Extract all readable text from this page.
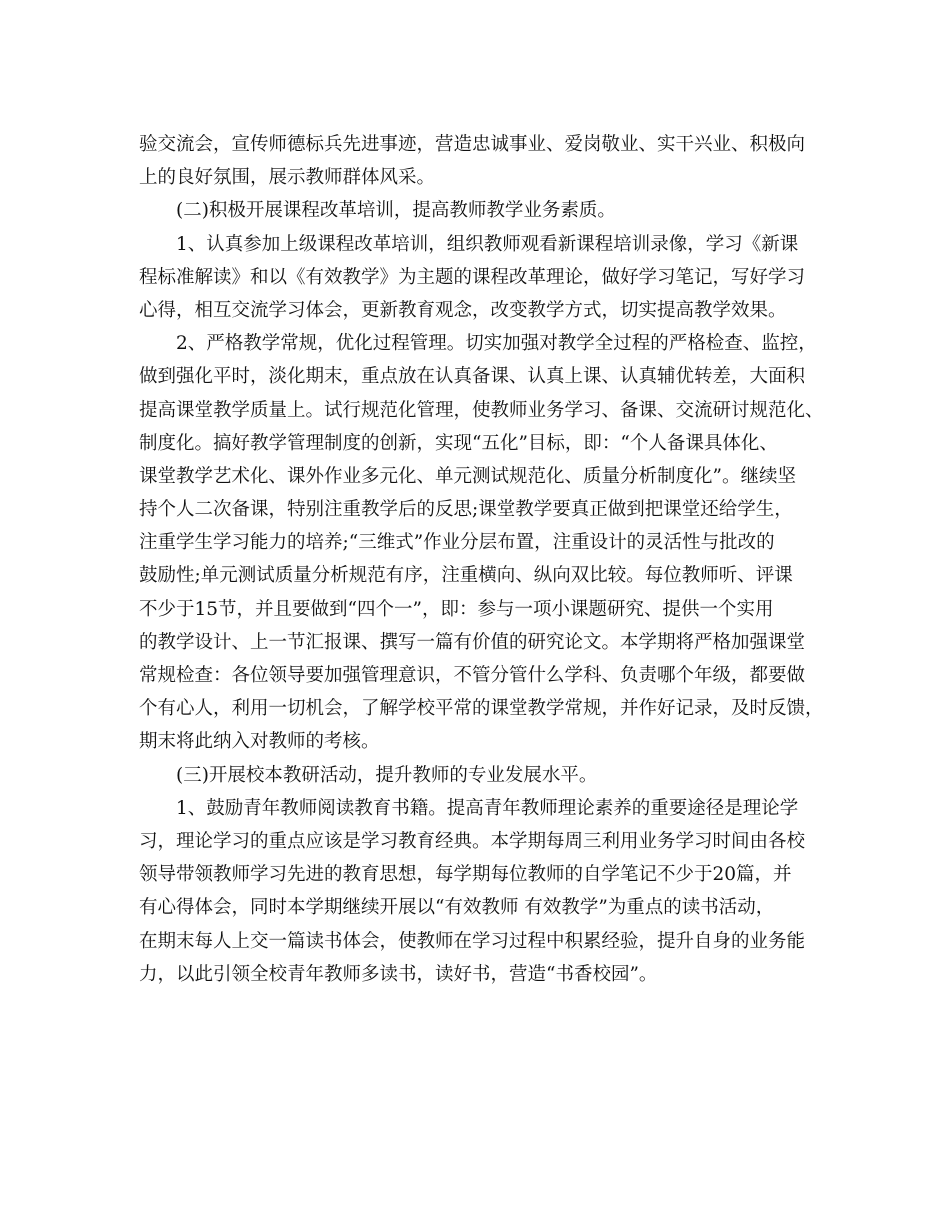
验交流会，宣传师德标兵先进事迹，营造忠诚事业、爱岗敬业、实干兴业、积极向
上的良好氛围，展示教师群体风采。
(二)积极开展课程改革培训，提高教师教学业务素质。
1、认真参加上级课程改革培训，组织教师观看新课程培训录像，学习《新课
程标准解读》和以《有效教学》为主题的课程改革理论，做好学习笔记，写好学习
心得，相互交流学习体会，更新教育观念，改变教学方式，切实提高教学效果。
2、严格教学常规，优化过程管理。切实加强对教学全过程的严格检查、监控，
做到强化平时，淡化期末，重点放在认真备课、认真上课、认真辅优转差，大面积
提高课堂教学质量上。试行规范化管理，使教师业务学习、备课、交流研讨规范化、
制度化。搞好教学管理制度的创新，实现“五化”目标，即：“个人备课具体化、
课堂教学艺术化、课外作业多元化、单元测试规范化、质量分析制度化”。继续坚
持个人二次备课，特别注重教学后的反思;课堂教学要真正做到把课堂还给学生，
注重学生学习能力的培养;“三维式”作业分层布置，注重设计的灵活性与批改的
鼓励性;单元测试质量分析规范有序，注重横向、纵向双比较。每位教师听、评课
不少于15节，并且要做到“四个一”，即：参与一项小课题研究、提供一个实用
的教学设计、上一节汇报课、撰写一篇有价值的研究论文。本学期将严格加强课堂
常规检查：各位领导要加强管理意识，不管分管什么学科、负责哪个年级，都要做
个有心人，利用一切机会，了解学校平常的课堂教学常规，并作好记录，及时反馈，
期末将此纳入对教师的考核。
(三)开展校本教研活动，提升教师的专业发展水平。
1、鼓励青年教师阅读教育书籍。提高青年教师理论素养的重要途径是理论学
习，理论学习的重点应该是学习教育经典。本学期每周三利用业务学习时间由各校
领导带领教师学习先进的教育思想，每学期每位教师的自学笔记不少于20篇，并
有心得体会，同时本学期继续开展以“有效教师 有效教学”为重点的读书活动，
在期末每人上交一篇读书体会，使教师在学习过程中积累经验，提升自身的业务能
力，以此引领全校青年教师多读书，读好书，营造“书香校园”。
